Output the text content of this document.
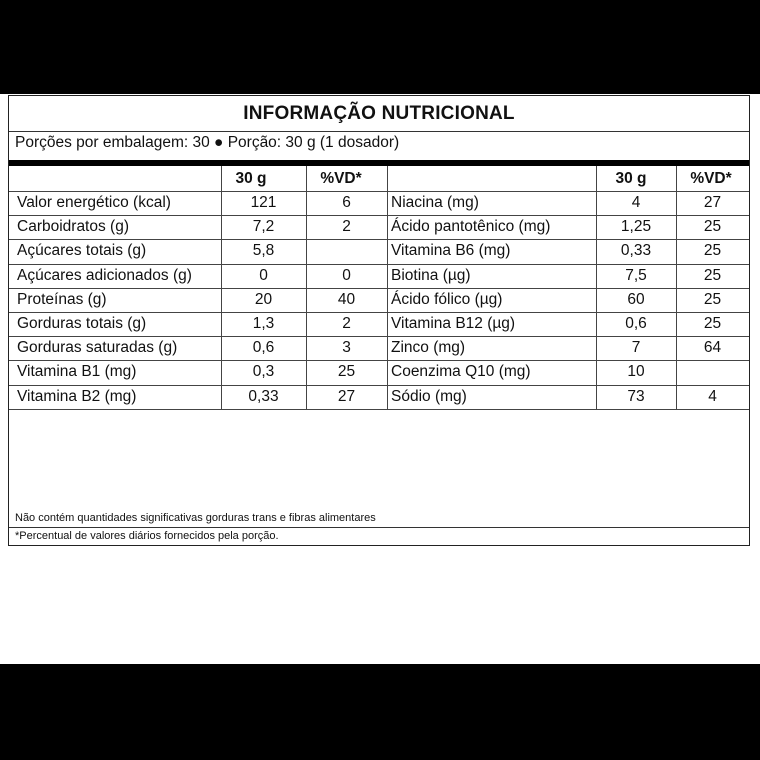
INFORMAÇÃO NUTRICIONAL
Porções por embalagem: 30 ● Porção: 30 g (1 dosador)
30 g	%VD*	30 g	%VD*
Valor energético (kcal)	121	6
Carboidratos (g)	7,2	2
Açúcares totais (g)	5,8
Açúcares adicionados (g)	0	0
Proteínas (g)	20	40
Gorduras totais (g)	1,3	2
Gorduras saturadas (g)	0,6	3
Vitamina B1 (mg)	0,3	25
Vitamina B2 (mg)	0,33	27
Niacina (mg)	4	27
Ácido pantotênico (mg)	1,25	25
Vitamina B6 (mg)	0,33	25
Biotina (µg)	7,5	25
Ácido fólico (µg)	60	25
Vitamina B12 (µg)	0,6	25
Zinco (mg)	7	64
Coenzima Q10 (mg)	10
Sódio (mg)	73	4
Não contém quantidades significativas gorduras trans e fibras alimentares
*Percentual de valores diários fornecidos pela porção.
